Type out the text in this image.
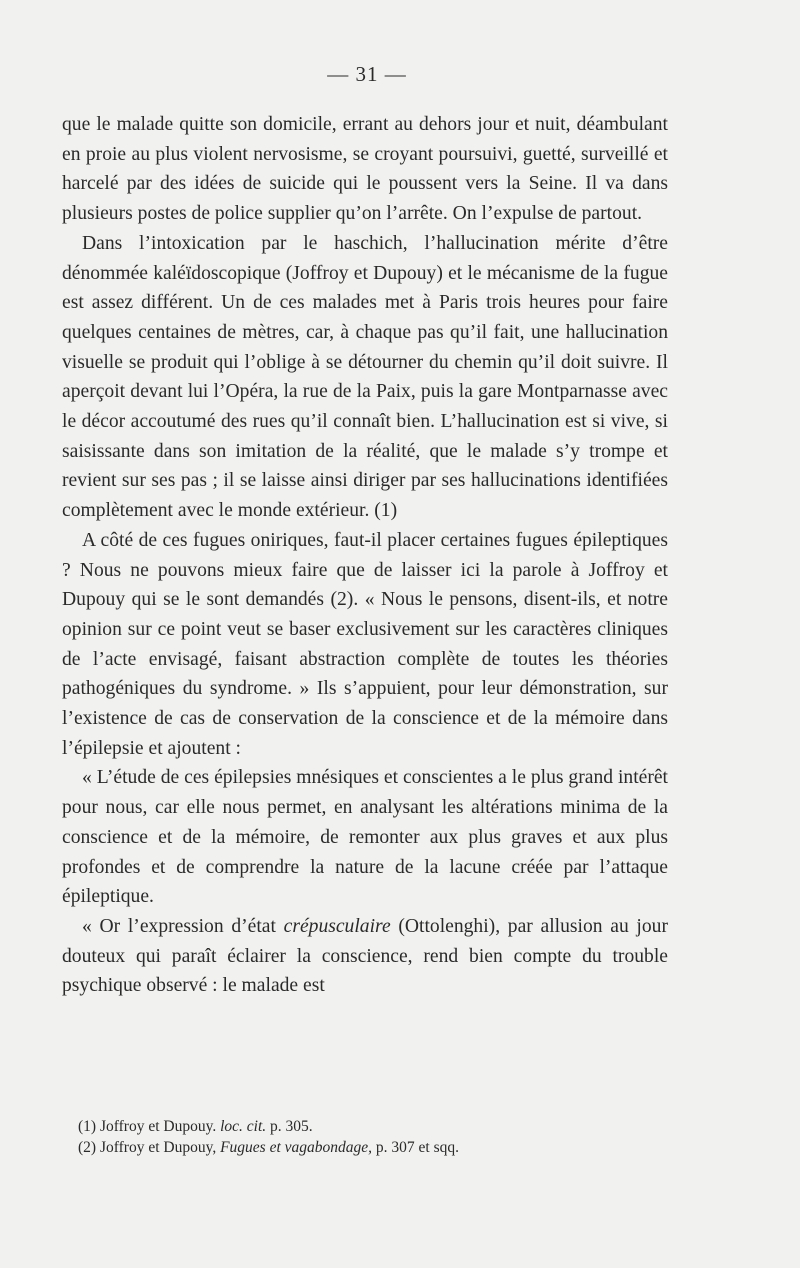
— 31 —

que le malade quitte son domicile, errant au dehors jour et nuit, déambulant en proie au plus violent nervosisme, se croyant poursuivi, guetté, surveillé et harcelé par des idées de suicide qui le poussent vers la Seine. Il va dans plusieurs postes de police supplier qu’on l’arrête. On l’expulse de partout.

Dans l’intoxication par le haschich, l’hallucination mérite d’être dénommée kaléïdoscopique (Joffroy et Dupouy) et le mécanisme de la fugue est assez différent. Un de ces malades met à Paris trois heures pour faire quelques centaines de mètres, car, à chaque pas qu’il fait, une hallucination visuelle se produit qui l’oblige à se détourner du chemin qu’il doit suivre. Il aperçoit devant lui l’Opéra, la rue de la Paix, puis la gare Montparnasse avec le décor accoutumé des rues qu’il connaît bien. L’hallucination est si vive, si saisissante dans son imitation de la réalité, que le malade s’y trompe et revient sur ses pas ; il se laisse ainsi diriger par ses hallucinations identifiées complètement avec le monde extérieur. (1)

A côté de ces fugues oniriques, faut-il placer certaines fugues épileptiques ? Nous ne pouvons mieux faire que de laisser ici la parole à Joffroy et Dupouy qui se le sont demandés (2). « Nous le pensons, disent-ils, et notre opinion sur ce point veut se baser exclusivement sur les caractères cliniques de l’acte envisagé, faisant abstraction complète de toutes les théories pathogéniques du syndrome. » Ils s’appuient, pour leur démonstration, sur l’existence de cas de conservation de la conscience et de la mémoire dans l’épilepsie et ajoutent :

« L’étude de ces épilepsies mnésiques et conscientes a le plus grand intérêt pour nous, car elle nous permet, en analysant les altérations minima de la conscience et de la mémoire, de remonter aux plus graves et aux plus profondes et de comprendre la nature de la lacune créée par l’attaque épileptique.

« Or l’expression d’état crépusculaire (Ottolenghi), par allusion au jour douteux qui paraît éclairer la conscience, rend bien compte du trouble psychique observé : le malade est

(1) Joffroy et Dupouy. loc. cit. p. 305.

(2) Joffroy et Dupouy, Fugues et vagabondage, p. 307 et sqq.
